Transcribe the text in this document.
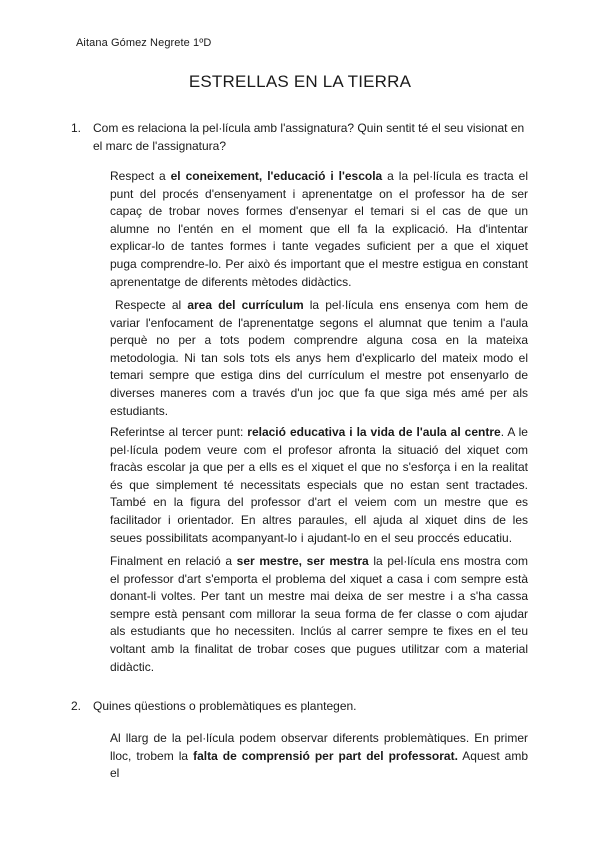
Aitana Gómez Negrete 1ºD
ESTRELLAS EN LA TIERRA
1. Com es relaciona la pel·lícula amb l'assignatura? Quin sentit té el seu visionat en el marc de l'assignatura?
Respect a el coneixement, l'educació i l'escola a la pel·lícula es tracta el punt del procés d'ensenyament i aprenentatge on el professor ha de ser capaç de trobar noves formes d'ensenyar el temari si el cas de que un alumne no l'entén en el moment que ell fa la explicació. Ha d'intentar explicar-lo de tantes formes i tante vegades suficient per a que el xiquet puga comprendre-lo. Per això és important que el mestre estigua en constant aprenentatge de diferents mètodes didàctics.
Respecte al area del currículum la pel·lícula ens ensenya com hem de variar l'enfocament de l'aprenentatge segons el alumnat que tenim a l'aula perquè no per a tots podem comprendre alguna cosa en la mateixa metodologia. Ni tan sols tots els anys hem d'explicarlo del mateix modo el temari sempre que estiga dins del currículum el mestre pot ensenyarlo de diverses maneres com a través d'un joc que fa que siga més amé per als estudiants.
Referintse al tercer punt: relació educativa i la vida de l'aula al centre. A le pel·lícula podem veure com el profesor afronta la situació del xiquet com fracàs escolar ja que per a ells es el xiquet el que no s'esforça i en la realitat és que simplement té necessitats especials que no estan sent tractades. També en la figura del professor d'art el veiem com un mestre que es facilitador i orientador. En altres paraules, ell ajuda al xiquet dins de les seues possibilitats acompanyant-lo i ajudant-lo en el seu proccés educatiu.
Finalment en relació a ser mestre, ser mestra la pel·lícula ens mostra com el professor d'art s'emporta el problema del xiquet a casa i com sempre està donant-li voltes. Per tant un mestre mai deixa de ser mestre i a s'ha cassa sempre està pensant com millorar la seua forma de fer classe o com ajudar als estudiants que ho necessiten. Inclús al carrer sempre te fixes en el teu voltant amb la finalitat de trobar coses que pugues utilitzar com a material didàctic.
2. Quines qüestions o problemàtiques es plantegen.
Al llarg de la pel·lícula podem observar diferents problemàtiques. En primer lloc, trobem la falta de comprensió per part del professorat. Aquest amb el
